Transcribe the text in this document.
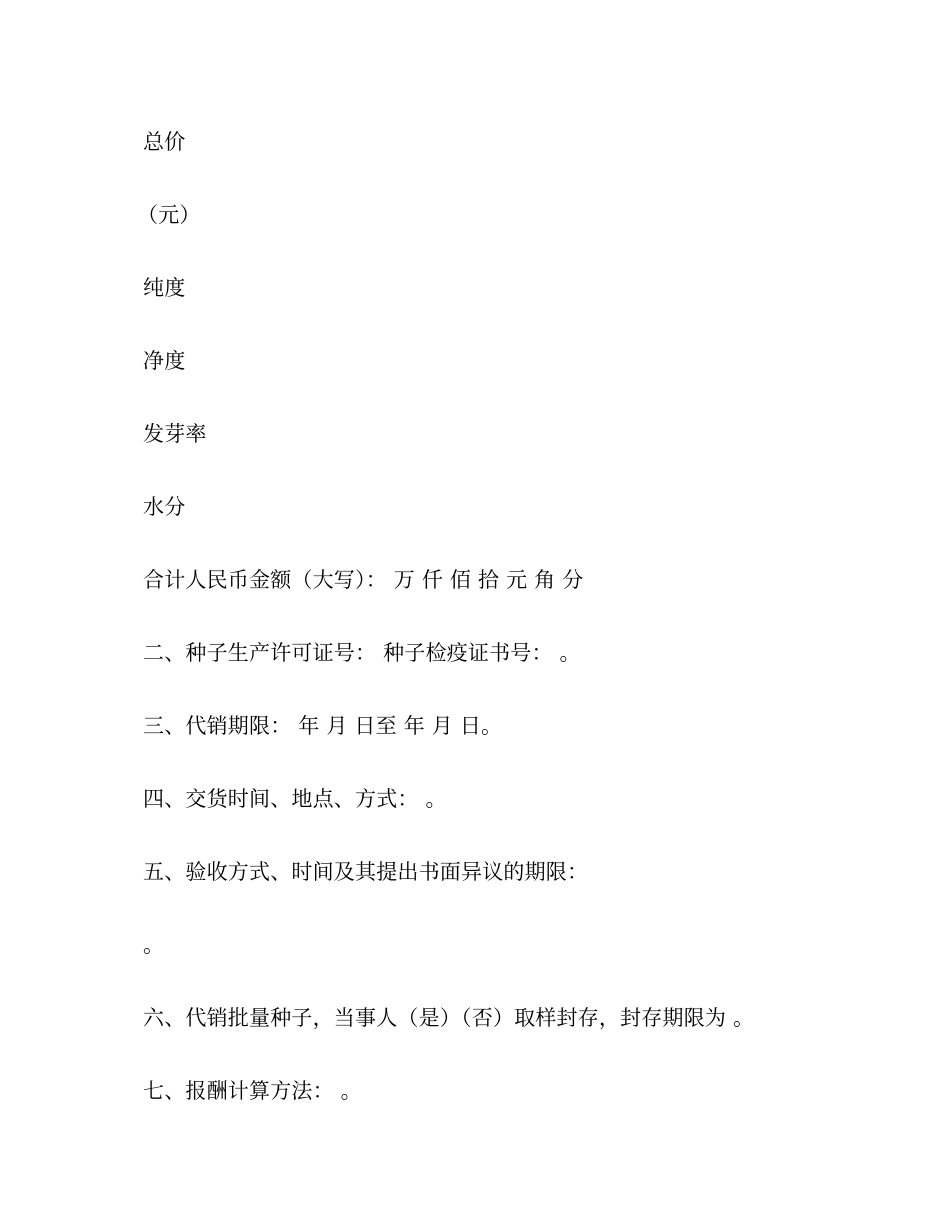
总价
（元）
纯度
净度
发芽率
水分
合计人民币金额（大写）： 万 仟 佰 拾 元 角 分
二、种子生产许可证号： 种子检疫证书号： 。
三、代销期限： 年 月 日至 年 月 日。
四、交货时间、地点、方式： 。
五、验收方式、时间及其提出书面异议的期限：
。
六、代销批量种子，当事人（是）（否）取样封存，封存期限为 。
七、报酬计算方法： 。
